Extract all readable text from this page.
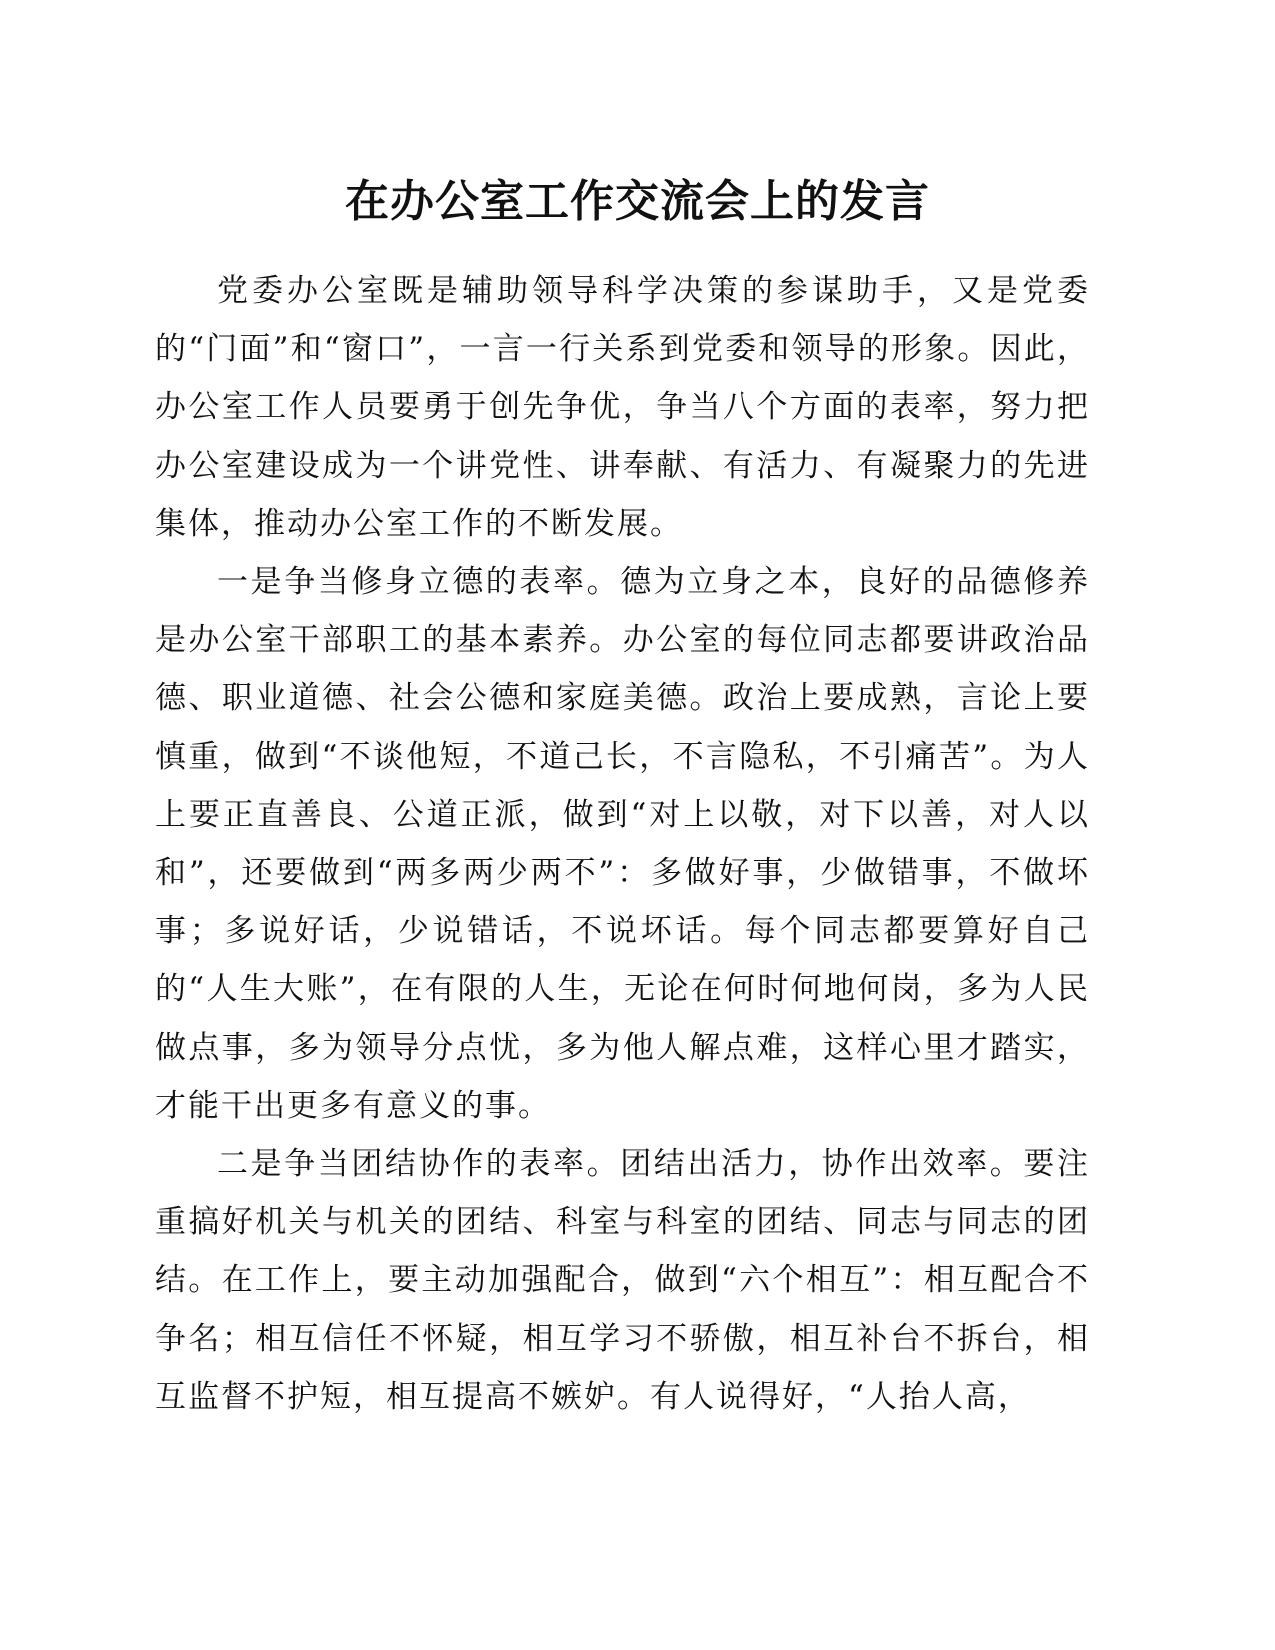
在办公室工作交流会上的发言

党委办公室既是辅助领导科学决策的参谋助手，又是党委的“门面”和“窗口”，一言一行关系到党委和领导的形象。因此，办公室工作人员要勇于创先争优，争当八个方面的表率，努力把办公室建设成为一个讲党性、讲奉献、有活力、有凝聚力的先进集体，推动办公室工作的不断发展。

一是争当修身立德的表率。德为立身之本，良好的品德修养是办公室干部职工的基本素养。办公室的每位同志都要讲政治品德、职业道德、社会公德和家庭美德。政治上要成熟，言论上要慎重，做到“不谈他短，不道己长，不言隐私，不引痛苦”。为人上要正直善良、公道正派，做到“对上以敬，对下以善，对人以和”，还要做到“两多两少两不”：多做好事，少做错事，不做坏事；多说好话，少说错话，不说坏话。每个同志都要算好自己的“人生大账”，在有限的人生，无论在何时何地何岗，多为人民做点事，多为领导分点忧，多为他人解点难，这样心里才踏实，才能干出更多有意义的事。

二是争当团结协作的表率。团结出活力，协作出效率。要注重搞好机关与机关的团结、科室与科室的团结、同志与同志的团结。在工作上，要主动加强配合，做到“六个相互”：相互配合不争名；相互信任不怀疑，相互学习不骄傲，相互补台不拆台，相互监督不护短，相互提高不嫉妒。有人说得好，“人抬人高，
